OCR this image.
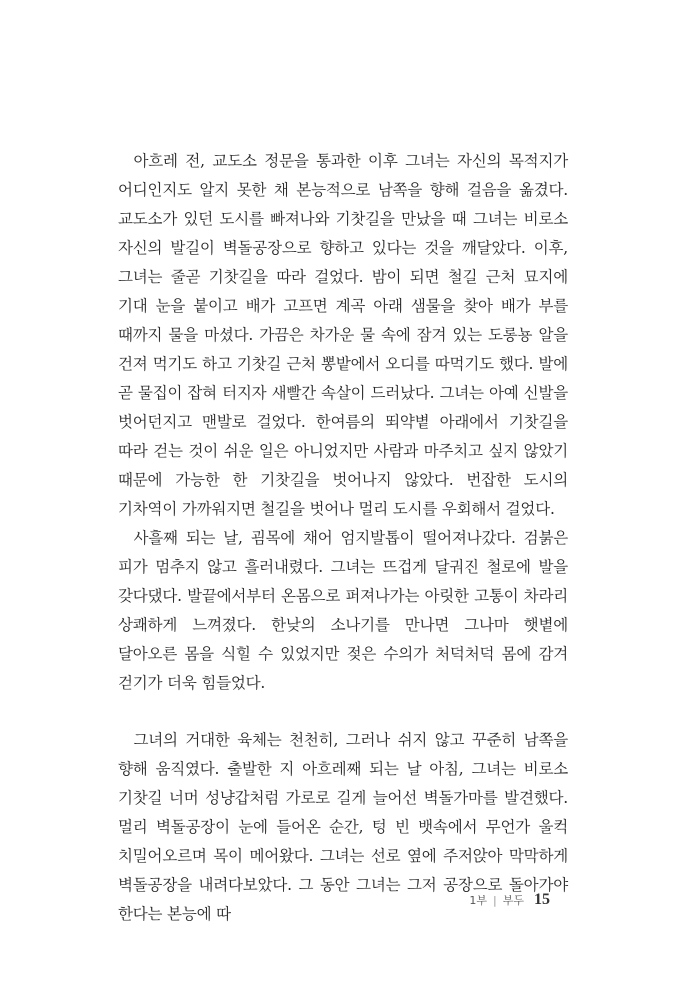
아흐레 전, 교도소 정문을 통과한 이후 그녀는 자신의 목적지가 어디인지도 알지 못한 채 본능적으로 남쪽을 향해 걸음을 옮겼다. 교도소가 있던 도시를 빠져나와 기찻길을 만났을 때 그녀는 비로소 자신의 발길이 벽돌공장으로 향하고 있다는 것을 깨달았다. 이후, 그녀는 줄곧 기찻길을 따라 걸었다. 밤이 되면 철길 근처 묘지에 기대 눈을 붙이고 배가 고프면 계곡 아래 샘물을 찾아 배가 부를 때까지 물을 마셨다. 가끔은 차가운 물 속에 잠겨 있는 도롱뇽 알을 건져 먹기도 하고 기찻길 근처 뽕밭에서 오디를 따먹기도 했다. 발에 곧 물집이 잡혀 터지자 새빨간 속살이 드러났다. 그녀는 아예 신발을 벗어던지고 맨발로 걸었다. 한여름의 뙤약볕 아래에서 기찻길을 따라 걷는 것이 쉬운 일은 아니었지만 사람과 마주치고 싶지 않았기 때문에 가능한 한 기찻길을 벗어나지 않았다. 번잡한 도시의 기차역이 가까워지면 철길을 벗어나 멀리 도시를 우회해서 걸었다.

사흘째 되는 날, 굄목에 채어 엄지발톱이 떨어져나갔다. 검붉은 피가 멈추지 않고 흘러내렸다. 그녀는 뜨겁게 달궈진 철로에 발을 갖다댔다. 발끝에서부터 온몸으로 퍼져나가는 아릿한 고통이 차라리 상쾌하게 느껴졌다. 한낮의 소나기를 만나면 그나마 햇볕에 달아오른 몸을 식힐 수 있었지만 젖은 수의가 처덕처덕 몸에 감겨 걷기가 더욱 힘들었다.

그녀의 거대한 육체는 천천히, 그러나 쉬지 않고 꾸준히 남쪽을 향해 움직였다. 출발한 지 아흐레째 되는 날 아침, 그녀는 비로소 기찻길 너머 성냥갑처럼 가로로 길게 늘어선 벽돌가마를 발견했다. 멀리 벽돌공장이 눈에 들어온 순간, 텅 빈 뱃속에서 무언가 울컥 치밀어오르며 목이 메어왔다. 그녀는 선로 옆에 주저앉아 막막하게 벽돌공장을 내려다보았다. 그 동안 그녀는 그저 공장으로 돌아가야 한다는 본능에 따

1부 | 부두 15
